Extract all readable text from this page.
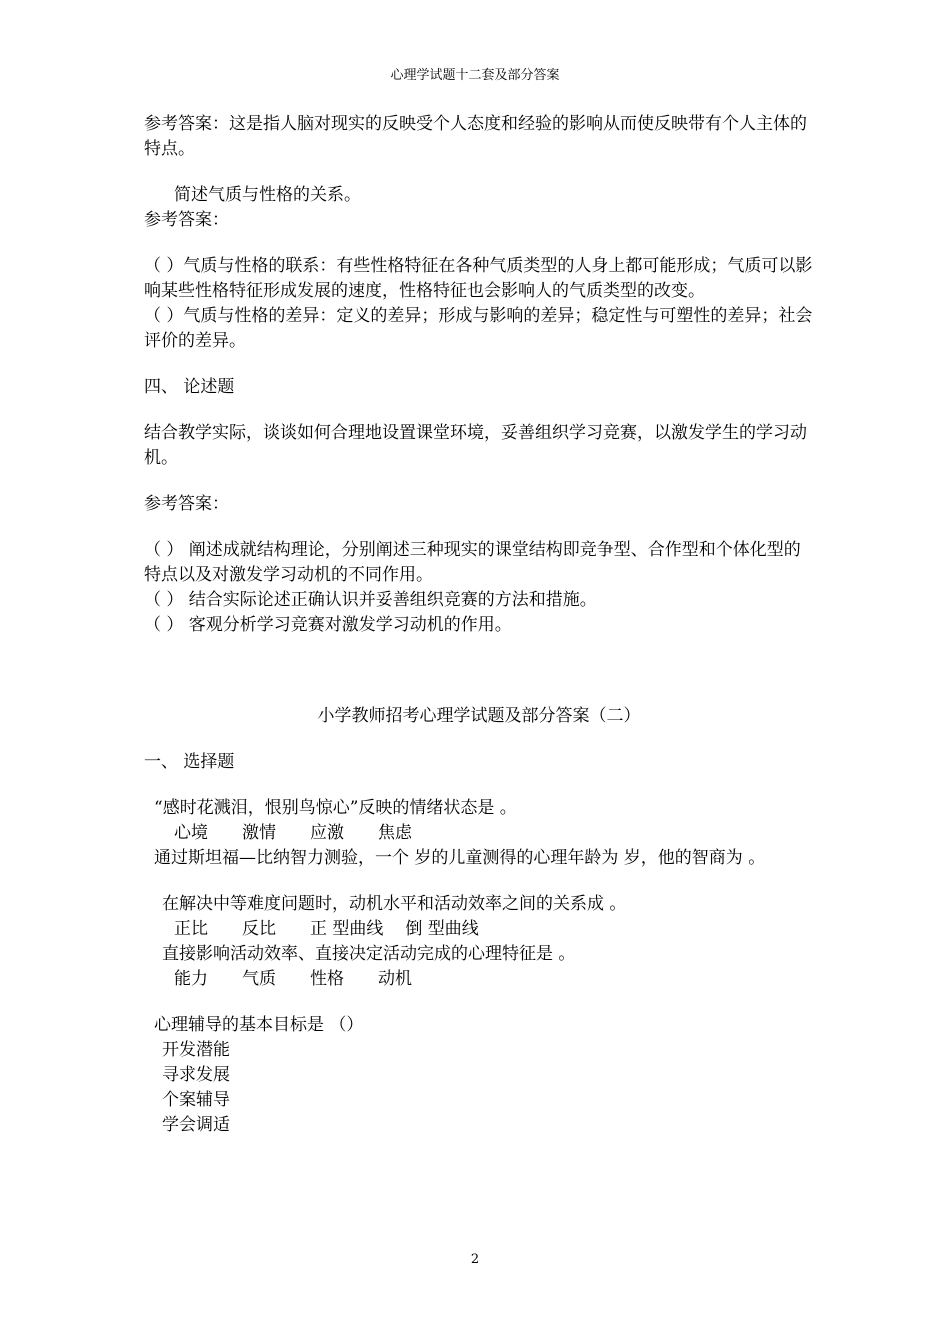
心理学试题十二套及部分答案

参考答案：这是指人脑对现实的反映受个人态度和经验的影响从而使反映带有个人主体的特点。

简述气质与性格的关系。

参考答案：

（ ）气质与性格的联系：有些性格特征在各种气质类型的人身上都可能形成；气质可以影响某些性格特征形成发展的速度，性格特征也会影响人的气质类型的改变。

（ ）气质与性格的差异：定义的差异；形成与影响的差异；稳定性与可塑性的差异；社会评价的差异。

四、 论述题

结合教学实际，谈谈如何合理地设置课堂环境，妥善组织学习竞赛，以激发学生的学习动机。

参考答案：

（ ） 阐述成就结构理论，分别阐述三种现实的课堂结构即竞争型、合作型和个体化型的特点以及对激发学习动机的不同作用。

（ ） 结合实际论述正确认识并妥善组织竞赛的方法和措施。

（ ） 客观分析学习竞赛对激发学习动机的作用。

小学教师招考心理学试题及部分答案（二）

一、 选择题

“感时花溅泪，恨别鸟惊心”反映的情绪状态是 。

心境 激情 应激 焦虑

通过斯坦福—比纳智力测验，一个 岁的儿童测得的心理年龄为 岁，他的智商为 。

在解决中等难度问题时，动机水平和活动效率之间的关系成 。

正比 反比 正 型曲线 倒 型曲线

直接影响活动效率、直接决定活动完成的心理特征是 。

能力 气质 性格 动机

心理辅导的基本目标是 （）

开发潜能

寻求发展

个案辅导

学会调适

2
